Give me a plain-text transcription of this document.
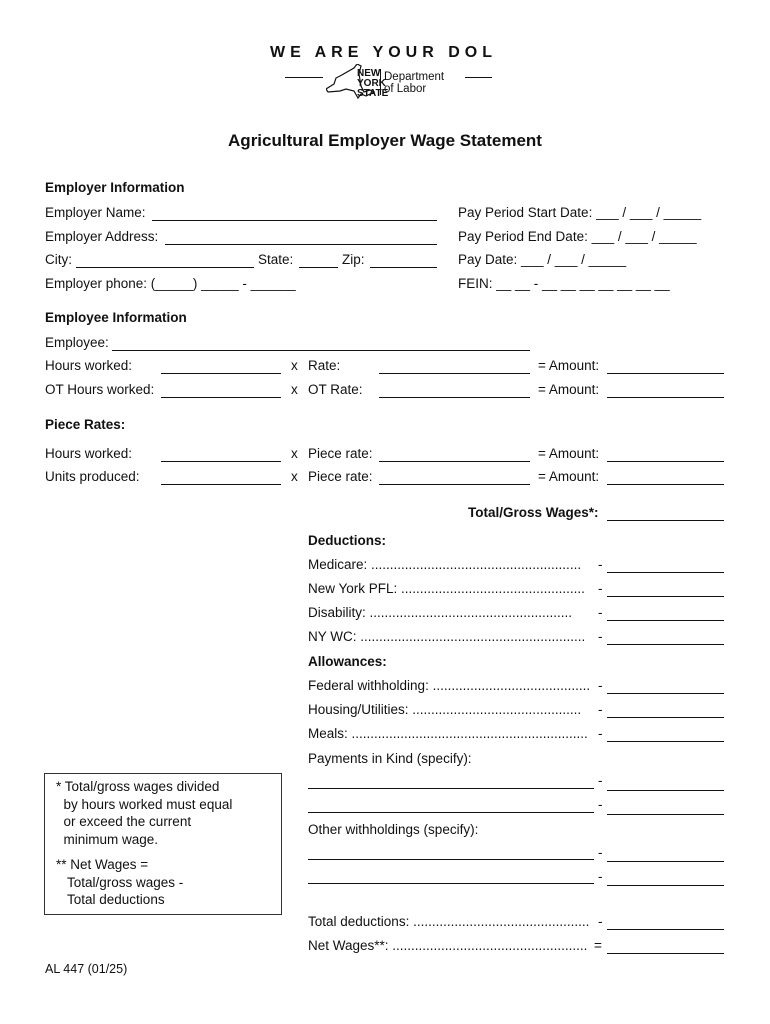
WE ARE YOUR DOL
NEW
YORK
STATE
Department
of Labor
Agricultural Employer Wage Statement
Employer Information
Employer Name:
Employer Address:
City:	State:	Zip:
Employer phone: (_____) _____ - ______
Pay Period Start Date: ___ / ___ / _____
Pay Period End Date: ___ / ___ / _____
Pay Date: ___ / ___ / _____
FEIN: __ __ - __ __ __ __ __ __ __
Employee Information
Employee:
Hours worked:	x Rate:	= Amount:
OT Hours worked:	x OT Rate:	= Amount:
Piece Rates:
Hours worked:	x Piece rate:	= Amount:
Units produced:	x Piece rate:	= Amount:
Total/Gross Wages*:
Deductions:
Medicare: ........................................................ -
New York PFL: ................................................. -
Disability: ...................................................... -
NY WC: ............................................................ -
Allowances:
Federal withholding: .......................................... -
Housing/Utilities: ............................................. -
Meals: ............................................................... -
Payments in Kind (specify):
-
-
Other withholdings (specify):
-
-
Total deductions: ............................................... -
Net Wages**: .................................................... =
* Total/gross wages divided
by hours worked must equal
or exceed the current
minimum wage.
** Net Wages =
Total/gross wages -
Total deductions
AL 447 (01/25)
